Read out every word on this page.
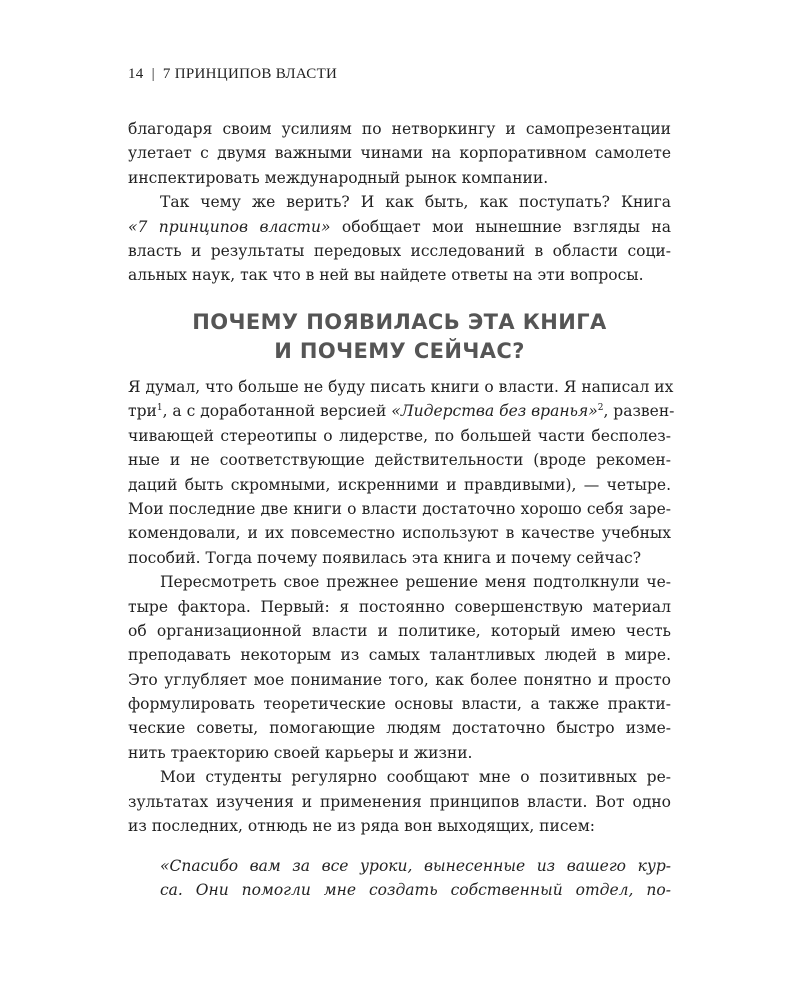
14 | 7 ПРИНЦИПОВ ВЛАСТИ
благодаря своим усилиям по нетворкингу и самопрезентации
улетает с двумя важными чинами на корпоративном самолете
инспектировать международный рынок компании.
Так чему же верить? И как быть, как поступать? Книга
«7 принципов власти» обобщает мои нынешние взгляды на
власть и результаты передовых исследований в области соци-
альных наук, так что в ней вы найдете ответы на эти вопросы.
ПОЧЕМУ ПОЯВИЛАСЬ ЭТА КНИГА
И ПОЧЕМУ СЕЙЧАС?
Я думал, что больше не буду писать книги о власти. Я написал их
три$^1$, а с доработанной версией «Лидерства без вранья»$^2$, развен-
чивающей стереотипы о лидерстве, по большей части бесполез-
ные и не соответствующие действительности (вроде рекомен-
даций быть скромными, искренними и правдивыми), — четыре.
Мои последние две книги о власти достаточно хорошо себя заре-
комендовали, и их повсеместно используют в качестве учебных
пособий. Тогда почему появилась эта книга и почему сейчас?
Пересмотреть свое прежнее решение меня подтолкнули че-
тыре фактора. Первый: я постоянно совершенствую материал
об организационной власти и политике, который имею честь
преподавать некоторым из самых талантливых людей в мире.
Это углубляет мое понимание того, как более понятно и просто
формулировать теоретические основы власти, а также практи-
ческие советы, помогающие людям достаточно быстро изме-
нить траекторию своей карьеры и жизни.
Мои студенты регулярно сообщают мне о позитивных ре-
зультатах изучения и применения принципов власти. Вот одно
из последних, отнюдь не из ряда вон выходящих, писем:
«Спасибо вам за все уроки, вынесенные из вашего кур-
са. Они помогли мне создать собственный отдел, по-
